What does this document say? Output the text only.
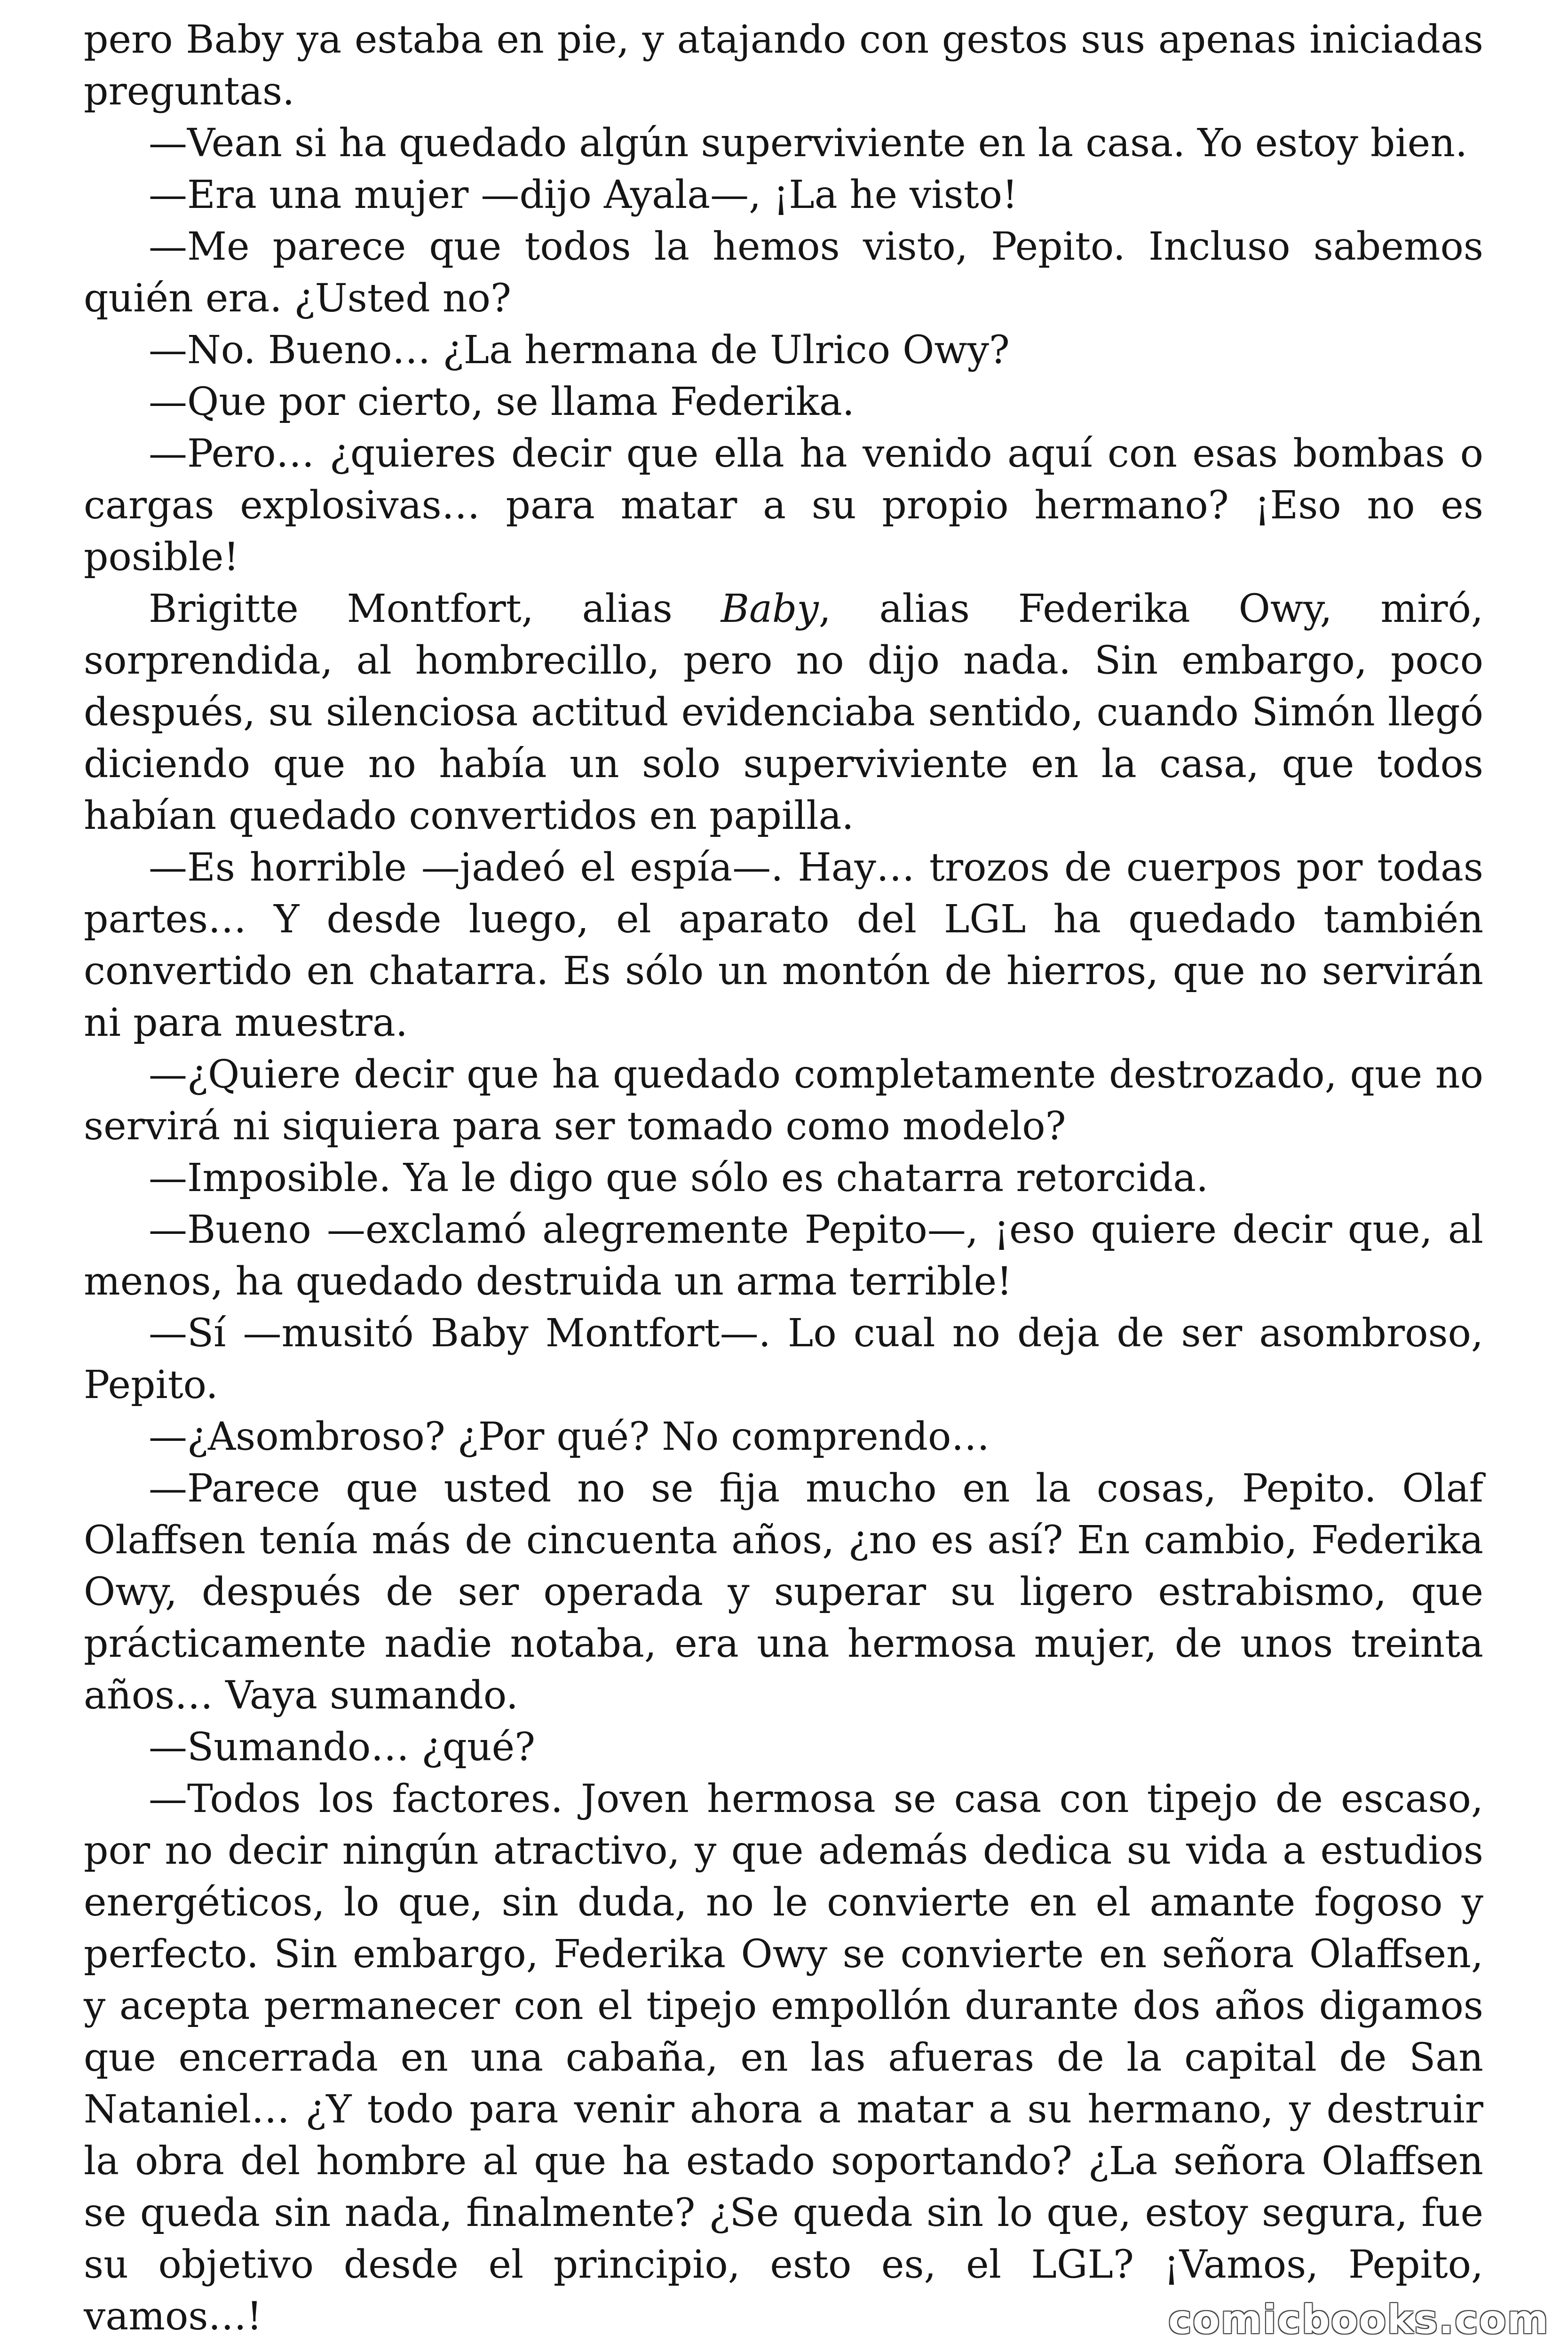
pero Baby ya estaba en pie, y atajando con gestos sus apenas iniciadas preguntas.

—Vean si ha quedado algún superviviente en la casa. Yo estoy bien.

—Era una mujer —dijo Ayala—, ¡La he visto!

—Me parece que todos la hemos visto, Pepito. Incluso sabemos quién era. ¿Usted no?

—No. Bueno… ¿La hermana de Ulrico Owy?

—Que por cierto, se llama Federika.

—Pero… ¿quieres decir que ella ha venido aquí con esas bombas o cargas explosivas… para matar a su propio hermano? ¡Eso no es posible!

Brigitte Montfort, alias Baby, alias Federika Owy, miró, sorprendida, al hombrecillo, pero no dijo nada. Sin embargo, poco después, su silenciosa actitud evidenciaba sentido, cuando Simón llegó diciendo que no había un solo superviviente en la casa, que todos habían quedado convertidos en papilla.

—Es horrible —jadeó el espía—. Hay… trozos de cuerpos por todas partes… Y desde luego, el aparato del LGL ha quedado también convertido en chatarra. Es sólo un montón de hierros, que no servirán ni para muestra.

—¿Quiere decir que ha quedado completamente destrozado, que no servirá ni siquiera para ser tomado como modelo?

—Imposible. Ya le digo que sólo es chatarra retorcida.

—Bueno —exclamó alegremente Pepito—, ¡eso quiere decir que, al menos, ha quedado destruida un arma terrible!

—Sí —musitó Baby Montfort—. Lo cual no deja de ser asombroso, Pepito.

—¿Asombroso? ¿Por qué? No comprendo…

—Parece que usted no se fija mucho en la cosas, Pepito. Olaf Olaffsen tenía más de cincuenta años, ¿no es así? En cambio, Federika Owy, después de ser operada y superar su ligero estrabismo, que prácticamente nadie notaba, era una hermosa mujer, de unos treinta años… Vaya sumando.

—Sumando… ¿qué?

—Todos los factores. Joven hermosa se casa con tipejo de escaso, por no decir ningún atractivo, y que además dedica su vida a estudios energéticos, lo que, sin duda, no le convierte en el amante fogoso y perfecto. Sin embargo, Federika Owy se convierte en señora Olaffsen, y acepta permanecer con el tipejo empollón durante dos años digamos que encerrada en una cabaña, en las afueras de la capital de San Nataniel… ¿Y todo para venir ahora a matar a su hermano, y destruir la obra del hombre al que ha estado soportando? ¿La señora Olaffsen se queda sin nada, finalmente? ¿Se queda sin lo que, estoy segura, fue su objetivo desde el principio, esto es, el LGL? ¡Vamos, Pepito, vamos…!	comicbooks.com
